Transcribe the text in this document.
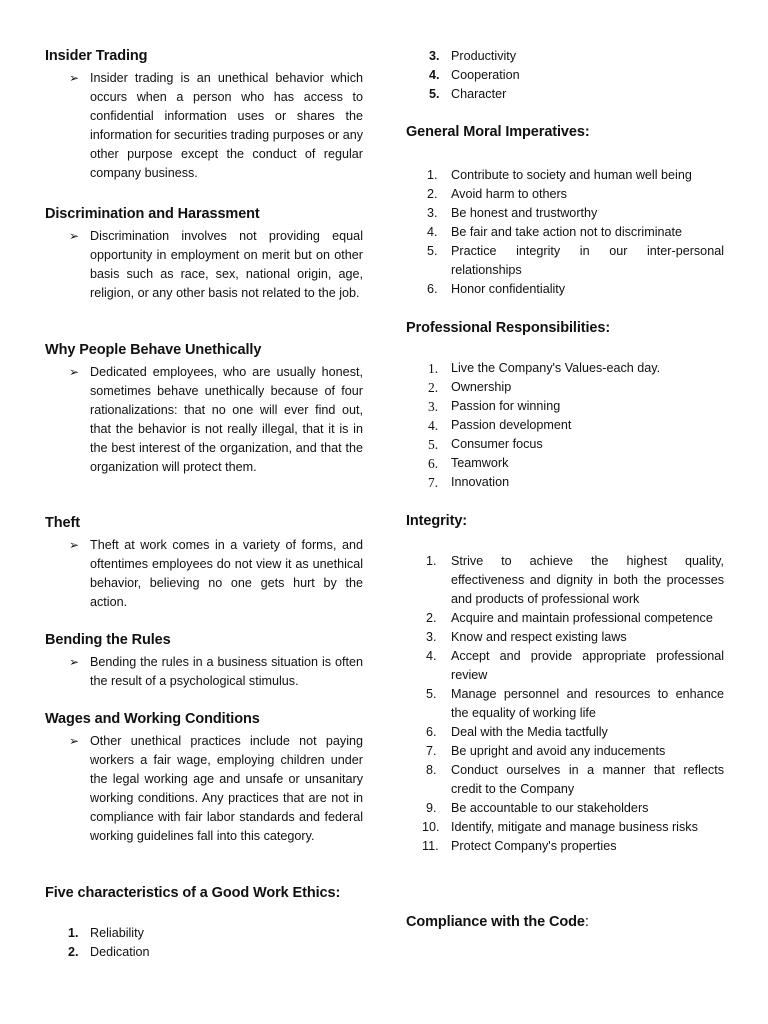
Insider Trading
➢ Insider trading is an unethical behavior which occurs when a person who has access to confidential information uses or shares the information for securities trading purposes or any other purpose except the conduct of regular company business.

Discrimination and Harassment
➢ Discrimination involves not providing equal opportunity in employment on merit but on other basis such as race, sex, national origin, age, religion, or any other basis not related to the job.

Why People Behave Unethically
➢ Dedicated employees, who are usually honest, sometimes behave unethically because of four rationalizations: that no one will ever find out, that the behavior is not really illegal, that it is in the best interest of the organization, and that the organization will protect them.

Theft
➢ Theft at work comes in a variety of forms, and oftentimes employees do not view it as unethical behavior, believing no one gets hurt by the action.

Bending the Rules
➢ Bending the rules in a business situation is often the result of a psychological stimulus.

Wages and Working Conditions
➢ Other unethical practices include not paying workers a fair wage, employing children under the legal working age and unsafe or unsanitary working conditions. Any practices that are not in compliance with fair labor standards and federal working guidelines fall into this category.

Five characteristics of a Good Work Ethics:
1. Reliability
2. Dedication
3. Productivity
4. Cooperation
5. Character
General Moral Imperatives:
1. Contribute to society and human well being
2. Avoid harm to others
3. Be honest and trustworthy
4. Be fair and take action not to discriminate
5. Practice integrity in our inter-personal relationships
6. Honor confidentiality
Professional Responsibilities:
1. Live the Company's Values-each day.
2. Ownership
3. Passion for winning
4. Passion development
5. Consumer focus
6. Teamwork
7. Innovation
Integrity:
1. Strive to achieve the highest quality, effectiveness and dignity in both the processes and products of professional work
2. Acquire and maintain professional competence
3. Know and respect existing laws
4. Accept and provide appropriate professional review
5. Manage personnel and resources to enhance the equality of working life
6. Deal with the Media tactfully
7. Be upright and avoid any inducements
8. Conduct ourselves in a manner that reflects credit to the Company
9. Be accountable to our stakeholders
10. Identify, mitigate and manage business risks
11. Protect Company's properties
Compliance with the Code:
